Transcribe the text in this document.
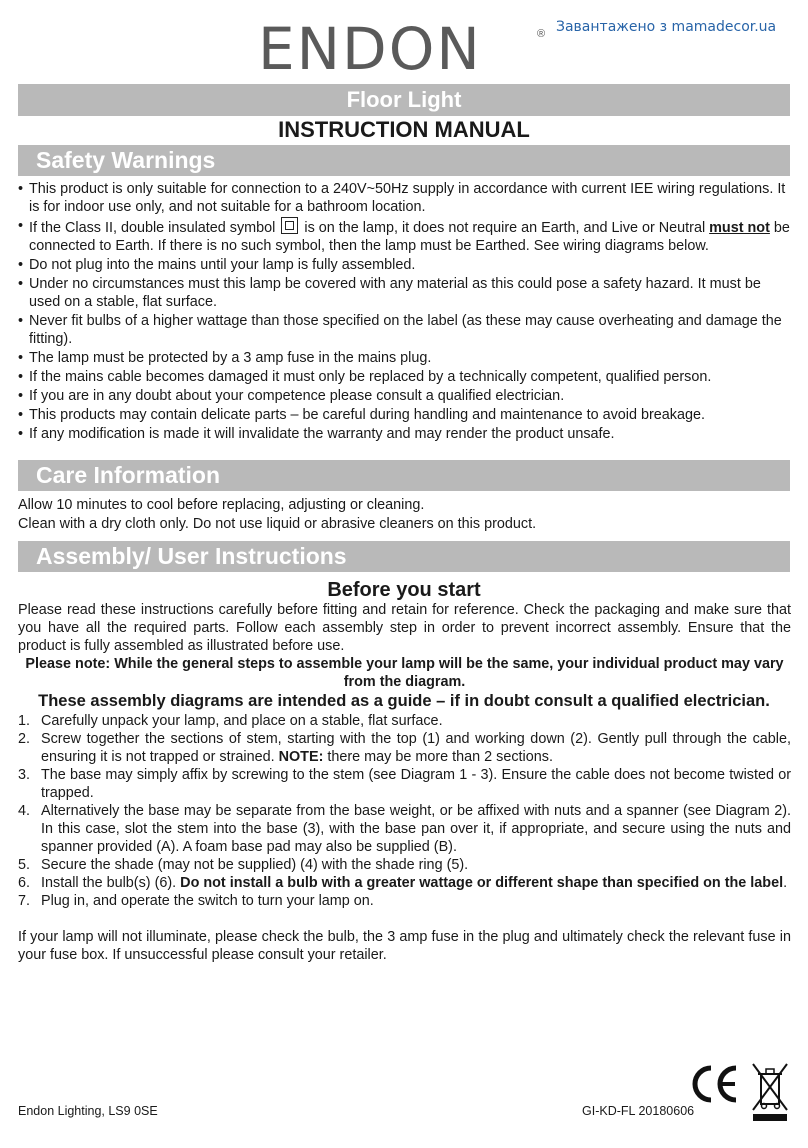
ENDON	® Завантажено з mamadecor.ua
Floor Light
INSTRUCTION MANUAL
Safety Warnings
• This product is only suitable for connection to a 240V~50Hz supply in accordance with current IEE wiring regulations. It is for indoor use only, and not suitable for a bathroom location.
• If the Class II, double insulated symbol  is on the lamp, it does not require an Earth, and Live or Neutral must not be connected to Earth. If there is no such symbol, then the lamp must be Earthed. See wiring diagrams below.
• Do not plug into the mains until your lamp is fully assembled.
• Under no circumstances must this lamp be covered with any material as this could pose a safety hazard. It must be used on a stable, flat surface.
• Never fit bulbs of a higher wattage than those specified on the label (as these may cause overheating and damage the fitting).
• The lamp must be protected by a 3 amp fuse in the mains plug.
• If the mains cable becomes damaged it must only be replaced by a technically competent, qualified person.
• If you are in any doubt about your competence please consult a qualified electrician.
• This products may contain delicate parts – be careful during handling and maintenance to avoid breakage.
• If any modification is made it will invalidate the warranty and may render the product unsafe.
Care Information

Allow 10 minutes to cool before replacing, adjusting or cleaning.

Clean with a dry cloth only. Do not use liquid or abrasive cleaners on this product.

Assembly/ User Instructions
Before you start

Please read these instructions carefully before fitting and retain for reference. Check the packaging and make sure that you have all the required parts. Follow each assembly step in order to prevent incorrect assembly. Ensure that the product is fully assembled as illustrated before use.

Please note: While the general steps to assemble your lamp will be the same, your individual product may vary from the diagram.

These assembly diagrams are intended as a guide – if in doubt consult a qualified electrician.

1. Carefully unpack your lamp, and place on a stable, flat surface.
2. Screw together the sections of stem, starting with the top (1) and working down (2). Gently pull through the cable, ensuring it is not trapped or strained. NOTE: there may be more than 2 sections.
3. The base may simply affix by screwing to the stem (see Diagram 1 - 3). Ensure the cable does not become twisted or trapped.
4. Alternatively the base may be separate from the base weight, or be affixed with nuts and a spanner (see Diagram 2). In this case, slot the stem into the base (3), with the base pan over it, if appropriate, and secure using the nuts and spanner provided (A). A foam base pad may also be supplied (B).
5. Secure the shade (may not be supplied) (4) with the shade ring (5).
6. Install the bulb(s) (6). Do not install a bulb with a greater wattage or different shape than specified on the label.
7. Plug in, and operate the switch to turn your lamp on.

If your lamp will not illuminate, please check the bulb, the 3 amp fuse in the plug and ultimately check the relevant fuse in your fuse box. If unsuccessful please consult your retailer.

Endon Lighting, LS9 0SE	GI-KD-FL 20180606
